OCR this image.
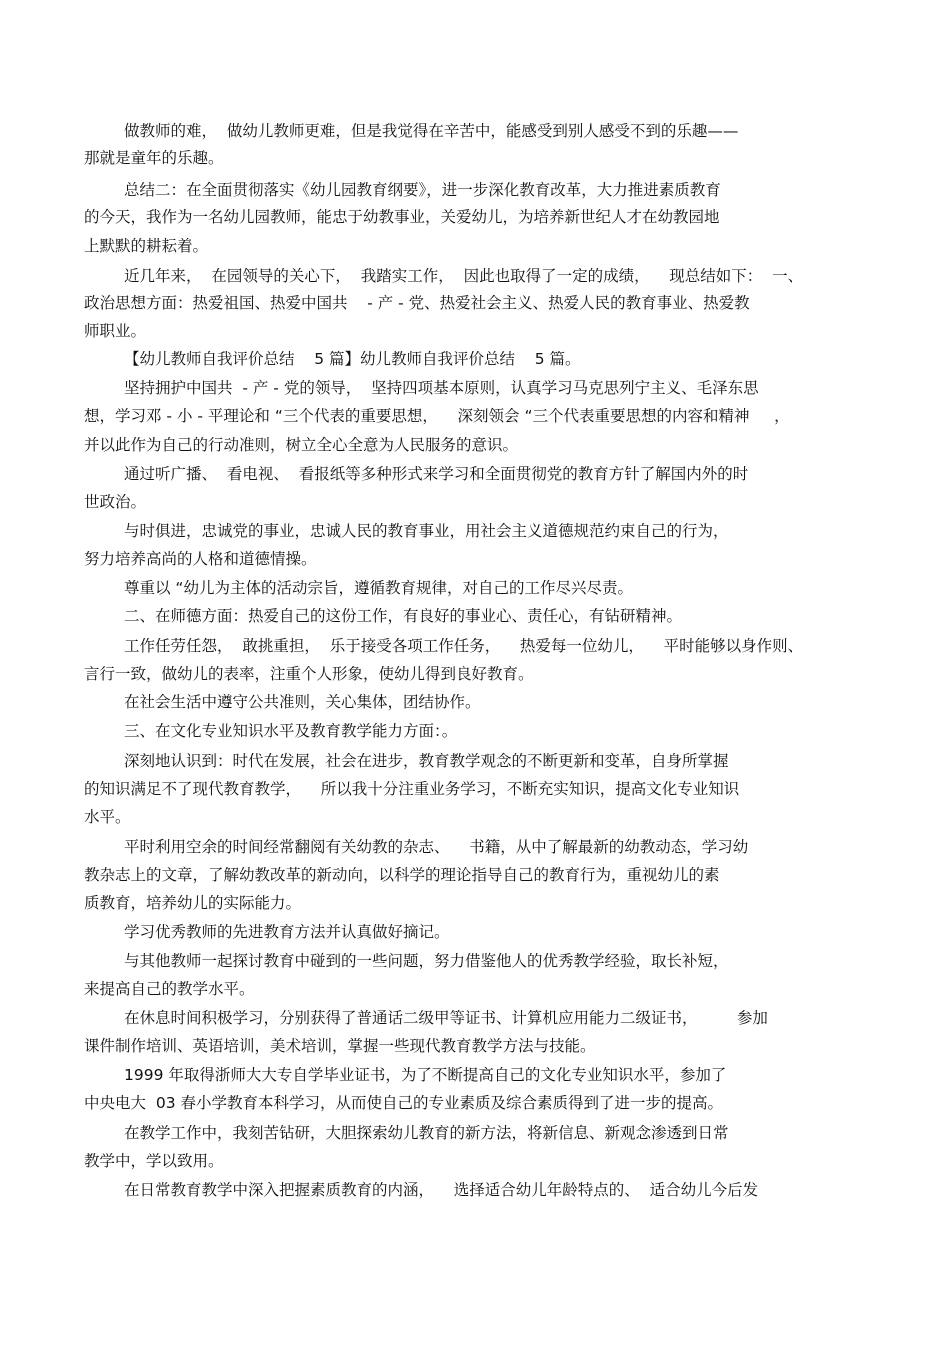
做教师的难，  做幼儿教师更难，但是我觉得在辛苦中，能感受到别人感受不到的乐趣——
那就是童年的乐趣。
总结二：在全面贯彻落实《幼儿园教育纲要》，进一步深化教育改革，大力推进素质教育
的今天，我作为一名幼儿园教师，能忠于幼教事业，关爱幼儿，为培养新世纪人才在幼教园地
上默默的耕耘着。
近几年来，  在园领导的关心下，  我踏实工作，  因此也取得了一定的成绩，    现总结如下：  一、
政治思想方面：热爱祖国、热爱中国共    - 产 - 党、热爱社会主义、热爱人民的教育事业、热爱教
师职业。
【幼儿教师自我评价总结    5 篇】幼儿教师自我评价总结    5 篇。
坚持拥护中国共  - 产 - 党的领导，  坚持四项基本原则，认真学习马克思列宁主义、毛泽东思
想，学习邓 - 小 - 平理论和 “三个代表的重要思想，    深刻领会 “三个代表重要思想的内容和精神     ，
并以此作为自己的行动准则，树立全心全意为人民服务的意识。
通过听广播、  看电视、  看报纸等多种形式来学习和全面贯彻党的教育方针了解国内外的时
世政治。
与时俱进，忠诚党的事业，忠诚人民的教育事业，用社会主义道德规范约束自己的行为，
努力培养高尚的人格和道德情操。
尊重以 “幼儿为主体的活动宗旨，遵循教育规律，对自己的工作尽兴尽责。
二、在师德方面：热爱自己的这份工作，有良好的事业心、责任心，有钻研精神。
工作任劳任怨，  敢挑重担，  乐于接受各项工作任务，    热爱每一位幼儿，    平时能够以身作则、
言行一致，做幼儿的表率，注重个人形象，使幼儿得到良好教育。
在社会生活中遵守公共准则，关心集体，团结协作。
三、在文化专业知识水平及教育教学能力方面：。
深刻地认识到：时代在发展，社会在进步，教育教学观念的不断更新和变革，自身所掌握
的知识满足不了现代教育教学，    所以我十分注重业务学习，不断充实知识，提高文化专业知识
水平。
平时利用空余的时间经常翻阅有关幼教的杂志、    书籍，从中了解最新的幼教动态，学习幼
教杂志上的文章，了解幼教改革的新动向，以科学的理论指导自己的教育行为，重视幼儿的素
质教育，培养幼儿的实际能力。
学习优秀教师的先进教育方法并认真做好摘记。
与其他教师一起探讨教育中碰到的一些问题，努力借鉴他人的优秀教学经验，取长补短，
来提高自己的教学水平。
在休息时间积极学习，分别获得了普通话二级甲等证书、计算机应用能力二级证书，        参加
课件制作培训、英语培训，美术培训，掌握一些现代教育教学方法与技能。
1999 年取得浙师大大专自学毕业证书，为了不断提高自己的文化专业知识水平，参加了
中央电大  03 春小学教育本科学习，从而使自己的专业素质及综合素质得到了进一步的提高。
在教学工作中，我刻苦钻研，大胆探索幼儿教育的新方法，将新信息、新观念渗透到日常
教学中，学以致用。
在日常教育教学中深入把握素质教育的内涵，    选择适合幼儿年龄特点的、  适合幼儿今后发
